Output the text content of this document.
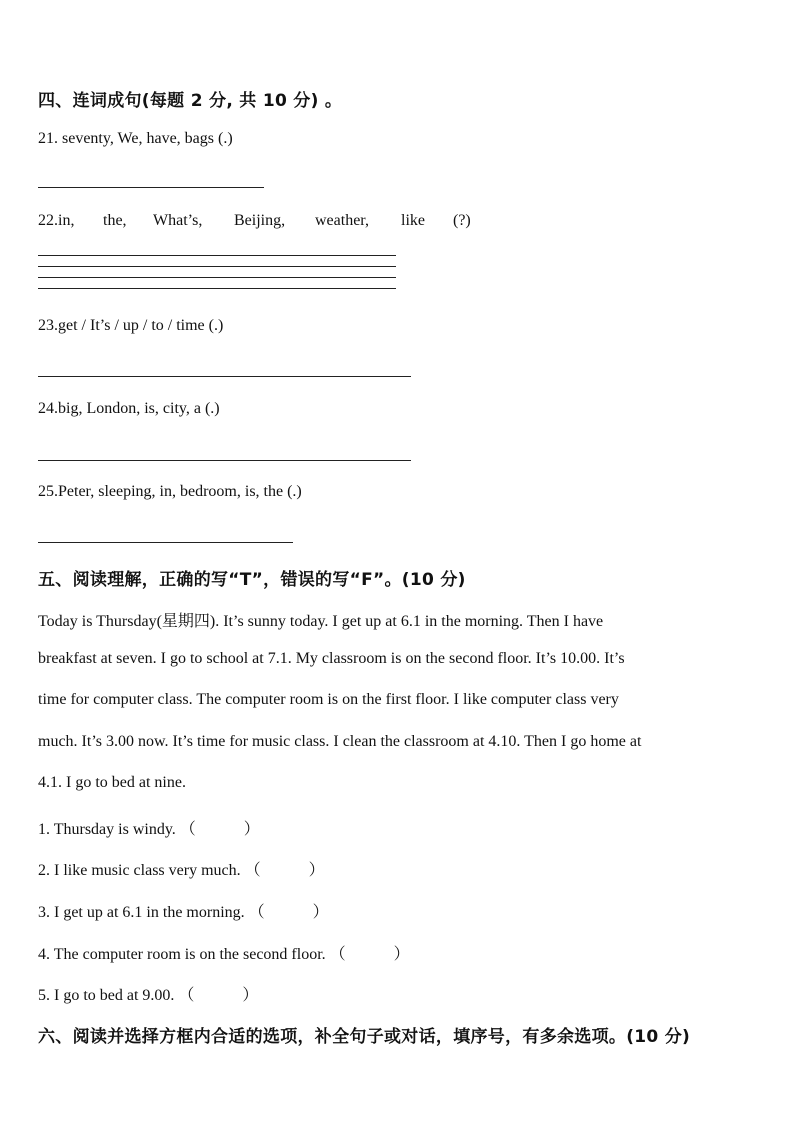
四、连词成句(每题 2 分, 共 10 分) 。
21. seventy, We, have, bags (.)
22.in, the, What’s, Beijing, weather, like (?)
23.get / It’s / up / to / time (.)
24.big, London, is, city, a (.)
25.Peter, sleeping, in, bedroom, is, the (.)
五、阅读理解，正确的写“T”，错误的写“F”。(10 分)
Today is Thursday(星期四). It’s sunny today. I get up at 6.1 in the morning. Then I have
breakfast at seven. I go to school at 7.1. My classroom is on the second floor. It’s 10.00. It’s
time for computer class. The computer room is on the first floor. I like computer class very
much. It’s 3.00 now. It’s time for music class. I clean the classroom at 4.10. Then I go home at
4.1. I go to bed at nine.
1. Thursday is windy. （　　　）
2. I like music class very much. （　　　）
3. I get up at 6.1 in the morning. （　　　）
4. The computer room is on the second floor. （　　　）
5. I go to bed at 9.00. （　　　）
六、阅读并选择方框内合适的选项，补全句子或对话，填序号，有多余选项。(10 分)
